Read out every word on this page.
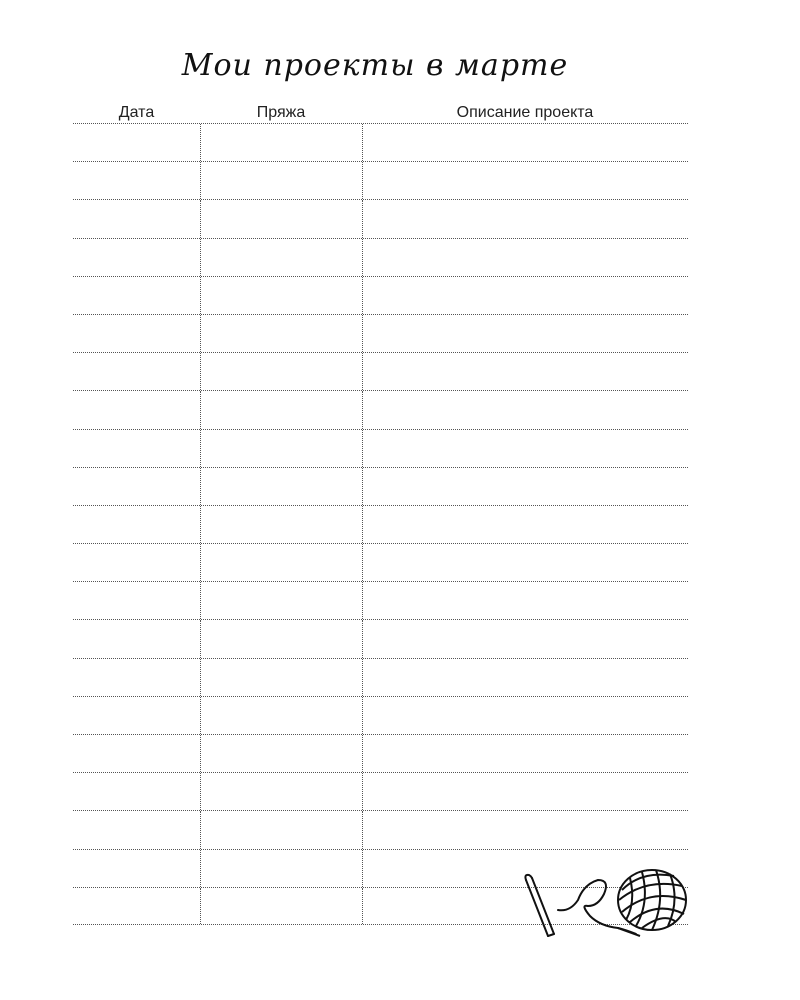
Мои проекты в марте
Дата	Пряжа	Описание проекта
